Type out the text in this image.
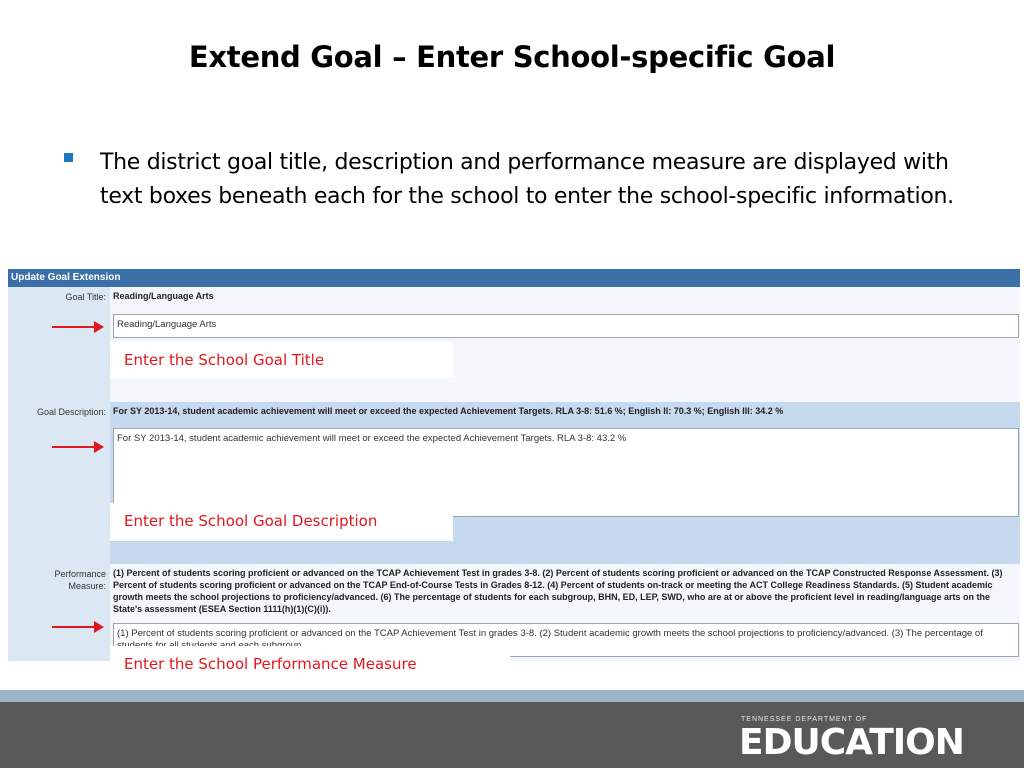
Extend Goal – Enter School-specific Goal
The district goal title, description and performance measure are displayed with text boxes beneath each for the school to enter the school-specific information.
Update Goal Extension
Goal Title: Reading/Language Arts
Reading/Language Arts
Goal Description: For SY 2013-14, student academic achievement will meet or exceed the expected Achievement Targets. RLA 3-8: 51.6 %; English II: 70.3 %; English III: 34.2 %
For SY 2013-14, student academic achievement will meet or exceed the expected Achievement Targets. RLA 3-8: 43.2 %
Performance
Measure:
(1) Percent of students scoring proficient or advanced on the TCAP Achievement Test in grades 3-8. (2) Percent of students scoring proficient or advanced on the TCAP Constructed Response Assessment. (3) Percent of students scoring proficient or advanced on the TCAP End-of-Course Tests in Grades 8-12. (4) Percent of students on-track or meeting the ACT College Readiness Standards. (5) Student academic growth meets the school projections to proficiency/advanced. (6) The percentage of students for each subgroup, BHN, ED, LEP, SWD, who are at or above the proficient level in reading/language arts on the State's assessment (ESEA Section 1111(h)(1)(C)(i)).
(1) Percent of students scoring proficient or advanced on the TCAP Achievement Test in grades 3-8. (2) Student academic growth meets the school projections to proficiency/advanced. (3) The percentage of
Enter the School Goal Title
Enter the School Goal Description
Enter the School Performance Measure
TENNESSEE DEPARTMENT OF
EDUCATION
